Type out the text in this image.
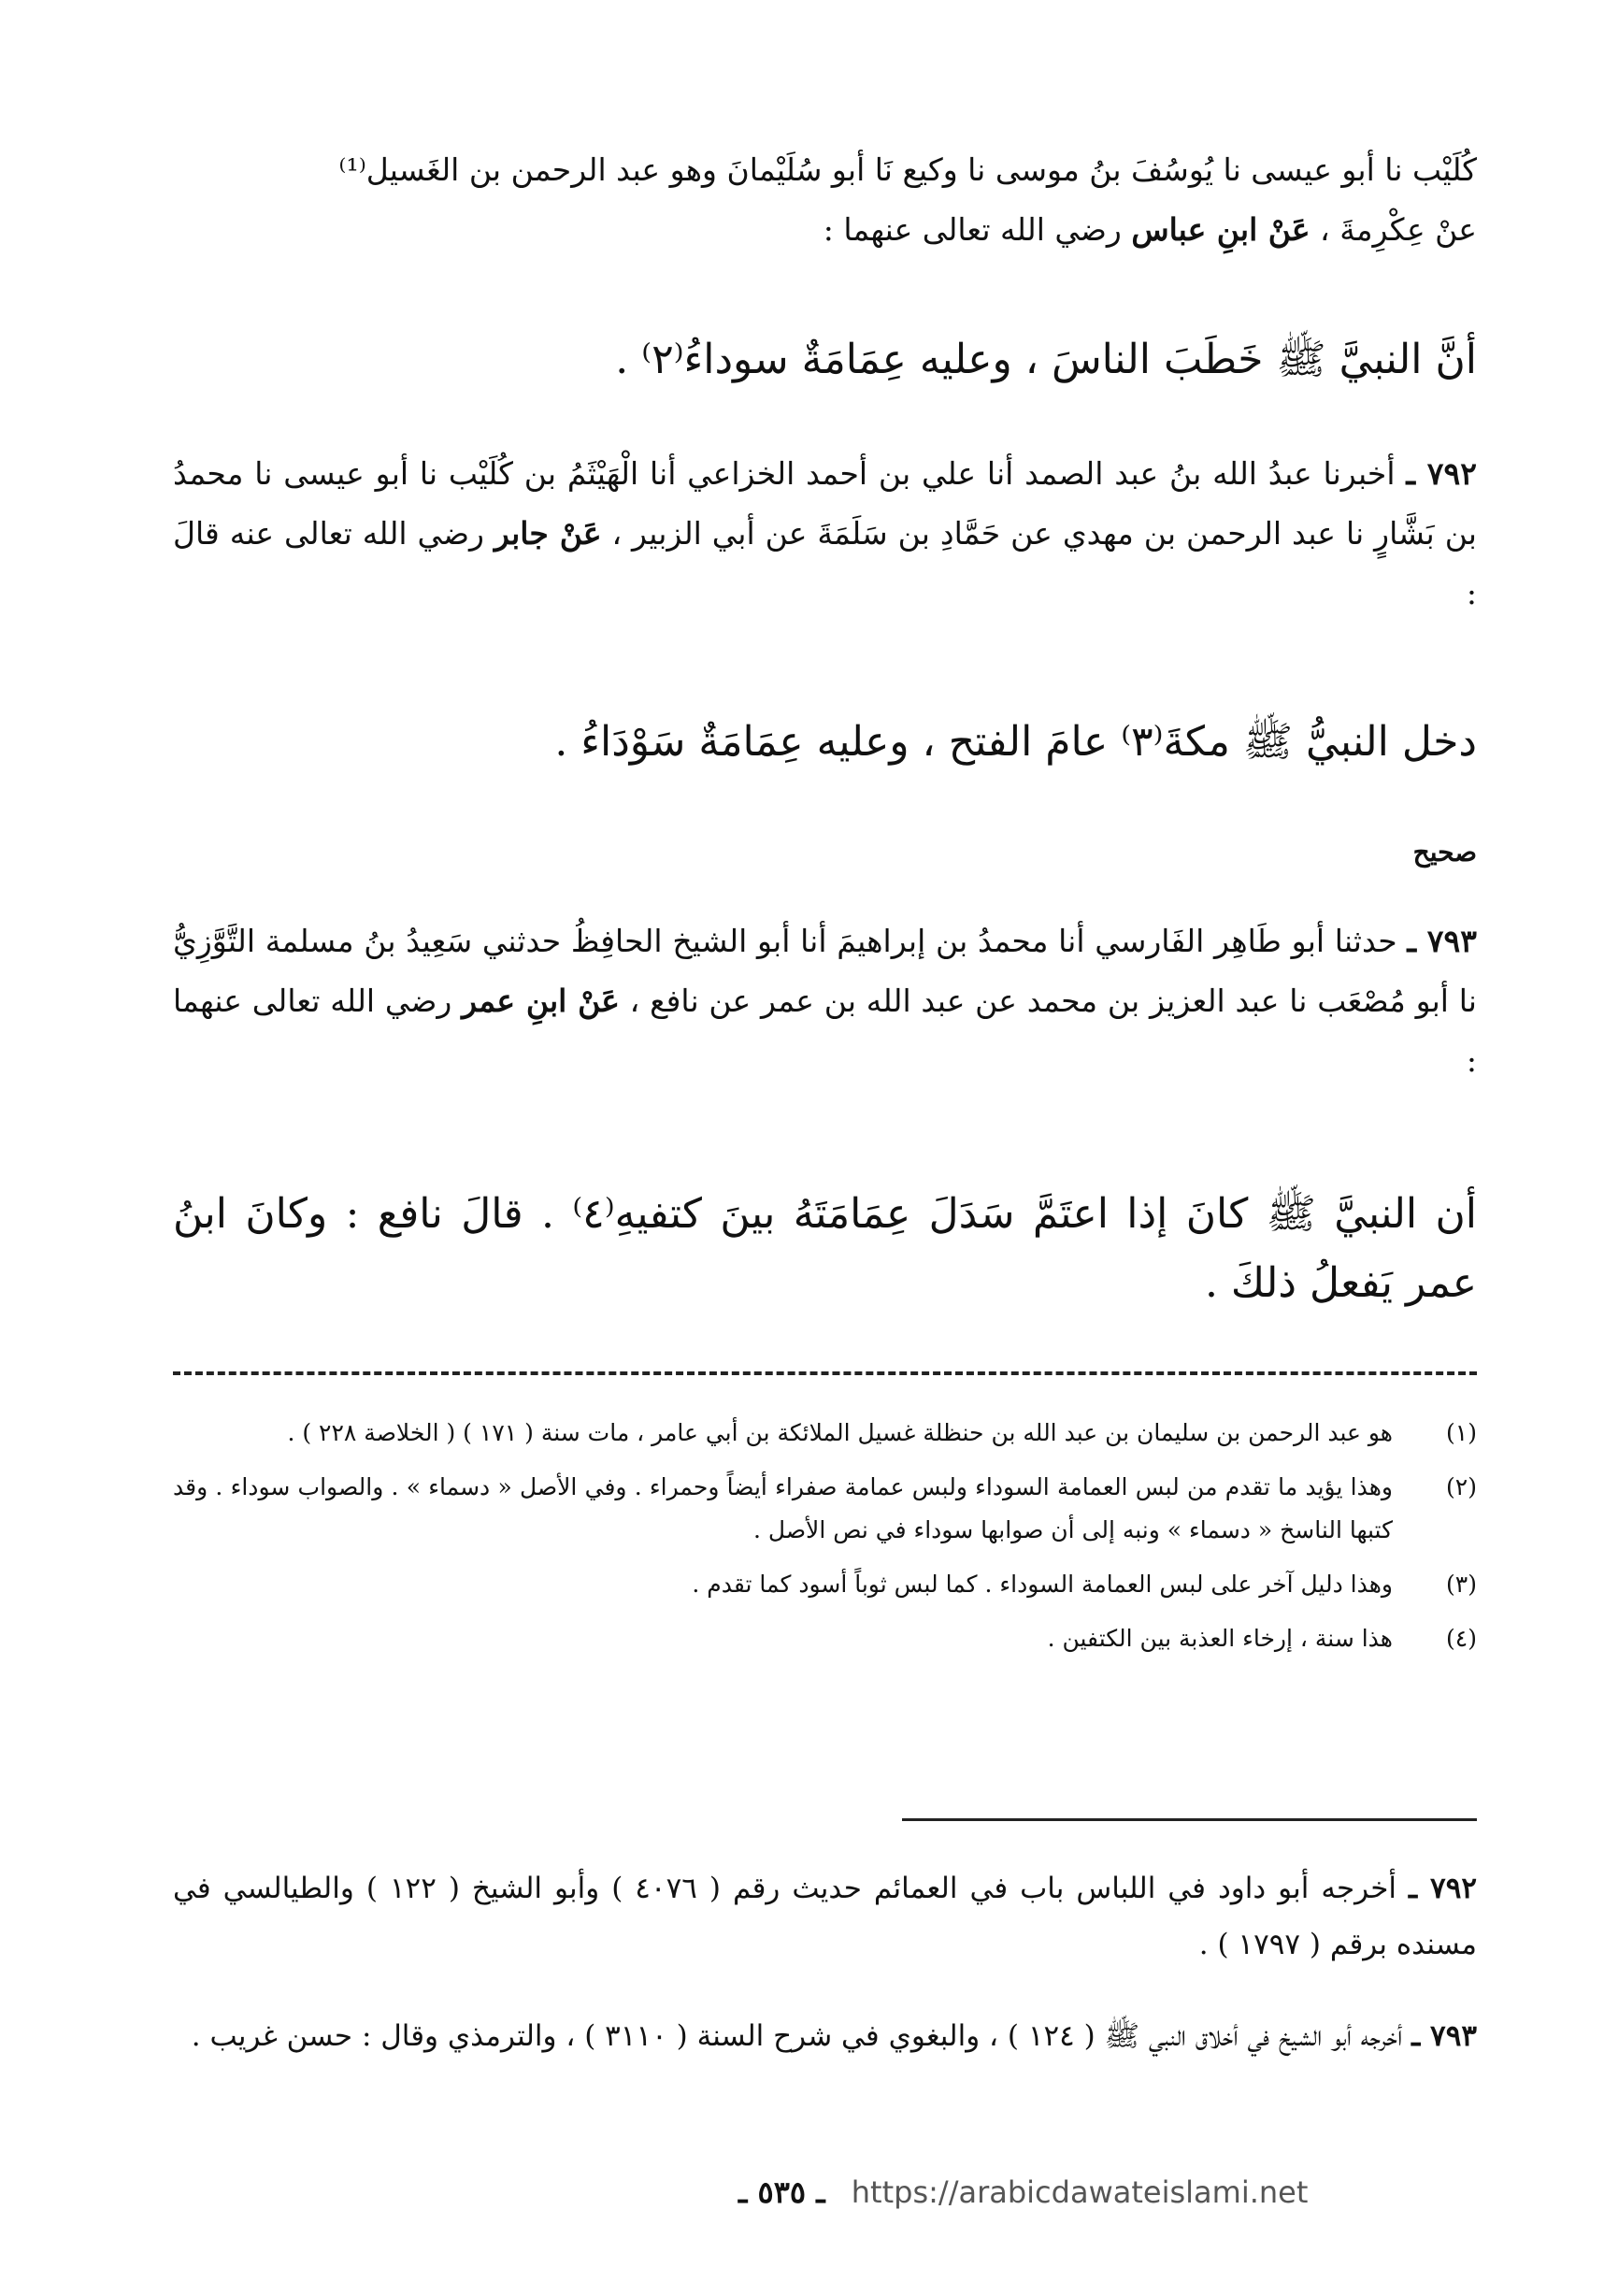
كُلَيْب نا أبو عيسى نا يُوسُفَ بنُ موسى نا وكيع نَا أبو سُلَيْمانَ وهو عبد الرحمن بن الغَسيل⁽¹⁾
عنْ عِكْرِمةَ ، عَنْ ابنِ عباس رضي الله تعالى عنهما :
أنَّ النبيَّ ﷺ خَطَبَ الناسَ ، وعليه عِمَامَةٌ سوداءُ⁽٢⁾ .
٧٩٢ ـ أخبرنا عبدُ الله بنُ عبد الصمد أنا علي بن أحمد الخزاعي أنا الْهَيْثَمُ بن كُلَيْب نا أبو عيسى نا محمدُ بن بَشَّارٍ نا عبد الرحمن بن مهدي عن حَمَّادِ بن سَلَمَةَ عن أبي الزبير ، عَنْ جابر رضي الله تعالى عنه قالَ :
دخل النبيُّ ﷺ مكةَ⁽٣⁾ عامَ الفتح ، وعليه عِمَامَةٌ سَوْدَاءُ .
صحيح
٧٩٣ ـ حدثنا أبو طَاهِر الفَارسي أنا محمدُ بن إبراهيمَ أنا أبو الشيخ الحافِظُ حدثني سَعِيدُ بنُ مسلمة التَّوَّزِيُّ نا أبو مُصْعَب نا عبد العزيز بن محمد عن عبد الله بن عمر عن نافع ، عَنْ ابنِ عمر رضي الله تعالى عنهما :
أن النبيَّ ﷺ كانَ إذا اعتَمَّ سَدَلَ عِمَامَتَهُ بينَ كتفيهِ⁽٤⁾ . قالَ نافع : وكانَ ابنُ عمر يَفعلُ ذلكَ .
(١)
هو عبد الرحمن بن سليمان بن عبد الله بن حنظلة غسيل الملائكة بن أبي عامر ، مات سنة ( ١٧١ ) ( الخلاصة ٢٢٨ ) .
(٢)
وهذا يؤيد ما تقدم من لبس العمامة السوداء ولبس عمامة صفراء أيضاً وحمراء . وفي الأصل « دسماء » . والصواب سوداء . وقد كتبها الناسخ « دسماء » ونبه إلى أن صوابها سوداء في نص الأصل .
(٣)
وهذا دليل آخر على لبس العمامة السوداء . كما لبس ثوباً أسود كما تقدم .
(٤)
هذا سنة ، إرخاء العذبة بين الكتفين .
٧٩٢ ـ أخرجه أبو داود في اللباس باب في العمائم حديث رقم ( ٤٠٧٦ ) وأبو الشيخ ( ١٢٢ ) والطيالسي في مسنده برقم ( ١٧٩٧ ) .
٧٩٣ ـ أخرجه أبو الشيخ في أخلاق النبي ﷺ ( ١٢٤ ) ، والبغوي في شرح السنة ( ٣١١٠ ) ، والترمذي وقال : حسن غريب .
ـ ٥٣٥ ـ https://arabicdawateislami.net
